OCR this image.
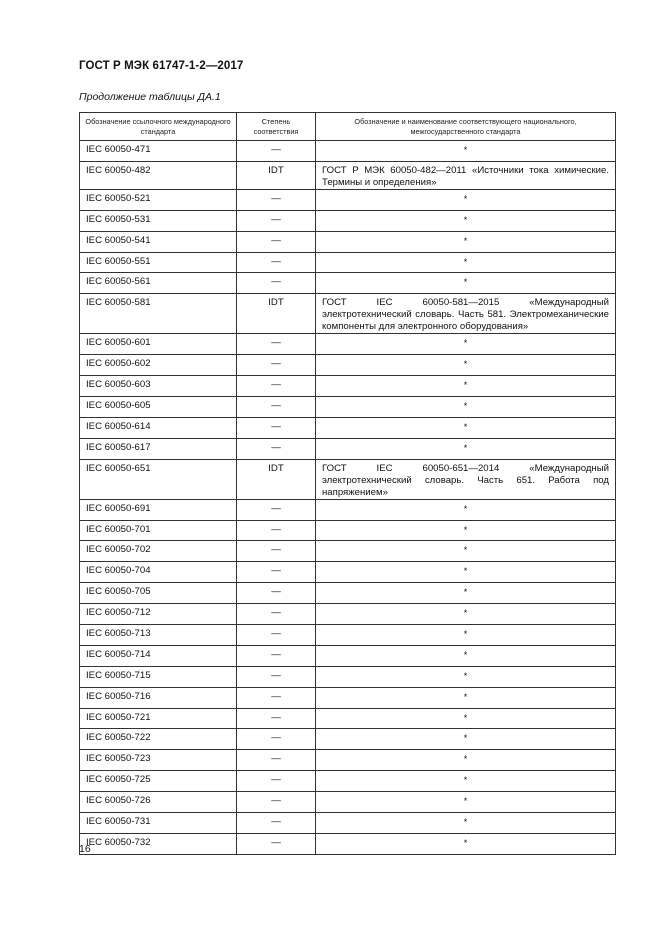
ГОСТ Р МЭК 61747-1-2—2017
Продолжение таблицы ДА.1
Обозначение ссылочного международного стандарта	Степень соответствия	Обозначение и наименование соответствующего национального, межгосударственного стандарта
IEC 60050-471	—	*
IEC 60050-482	IDT	ГОСТ Р МЭК 60050-482—2011 «Источники тока химические. Термины и определения»
IEC 60050-521	—	*
IEC 60050-531	—	*
IEC 60050-541	—	*
IEC 60050-551	—	*
IEC 60050-561	—	*
IEC 60050-581	IDT	ГОСТ IEC 60050-581—2015 «Международный электротехнический словарь. Часть 581. Электромеханические компоненты для электронного оборудования»
IEC 60050-601	—	*
IEC 60050-602	—	*
IEC 60050-603	—	*
IEC 60050-605	—	*
IEC 60050-614	—	*
IEC 60050-617	—	*
IEC 60050-651	IDT	ГОСТ IEC 60050-651—2014 «Международный электротехнический словарь. Часть 651. Работа под напряжением»
IEC 60050-691	—	*
IEC 60050-701	—	*
IEC 60050-702	—	*
IEC 60050-704	—	*
IEC 60050-705	—	*
IEC 60050-712	—	*
IEC 60050-713	—	*
IEC 60050-714	—	*
IEC 60050-715	—	*
IEC 60050-716	—	*
IEC 60050-721	—	*
IEC 60050-722	—	*
IEC 60050-723	—	*
IEC 60050-725	—	*
IEC 60050-726	—	*
IEC 60050-731	—	*
IEC 60050-732	—	*
16
